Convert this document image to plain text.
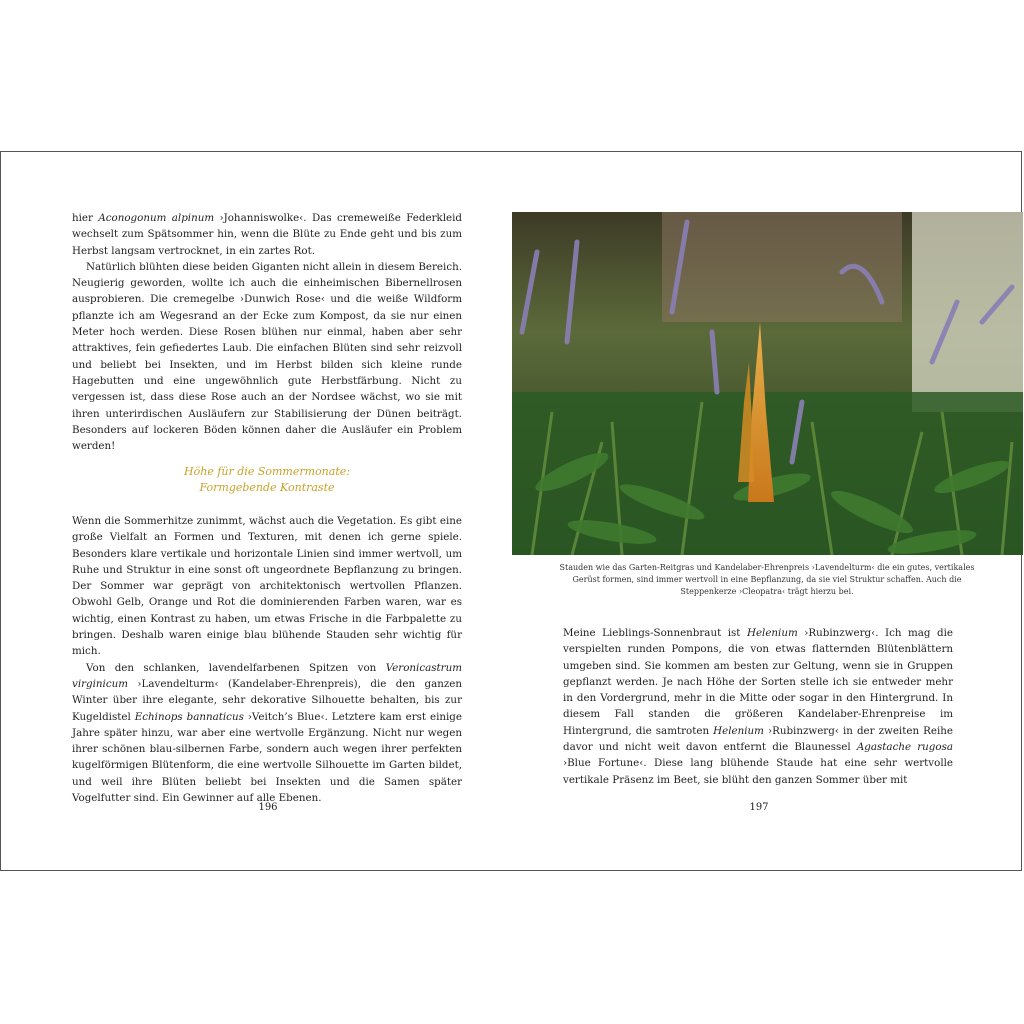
hier Aconogonum alpinum ›Johanniswolke‹. Das cremeweiße Federkleid wechselt zum Spätsommer hin, wenn die Blüte zu Ende geht und bis zum Herbst langsam vertrocknet, in ein zartes Rot.

Natürlich blühten diese beiden Giganten nicht allein in diesem Bereich. Neugierig geworden, wollte ich auch die einheimischen Bibernellrosen ausprobieren. Die cremegelbe ›Dunwich Rose‹ und die weiße Wildform pflanzte ich am Wegesrand an der Ecke zum Kompost, da sie nur einen Meter hoch werden. Diese Rosen blühen nur einmal, haben aber sehr attraktives, fein gefiedertes Laub. Die einfachen Blüten sind sehr reizvoll und beliebt bei Insekten, und im Herbst bilden sich kleine runde Hagebutten und eine ungewöhnlich gute Herbstfärbung. Nicht zu vergessen ist, dass diese Rose auch an der Nordsee wächst, wo sie mit ihren unterirdischen Ausläufern zur Stabilisierung der Dünen beiträgt. Besonders auf lockeren Böden können daher die Ausläufer ein Problem werden!

Höhe für die Sommermonate:
Formgebende Kontraste

Wenn die Sommerhitze zunimmt, wächst auch die Vegetation. Es gibt eine große Vielfalt an Formen und Texturen, mit denen ich gerne spiele. Besonders klare vertikale und horizontale Linien sind immer wertvoll, um Ruhe und Struktur in eine sonst oft ungeordnete Bepflanzung zu bringen. Der Sommer war geprägt von architektonisch wertvollen Pflanzen. Obwohl Gelb, Orange und Rot die dominierenden Farben waren, war es wichtig, einen Kontrast zu haben, um etwas Frische in die Farbpalette zu bringen. Deshalb waren einige blau blühende Stauden sehr wichtig für mich.

Von den schlanken, lavendelfarbenen Spitzen von Veronicastrum virginicum ›Lavendelturm‹ (Kandelaber-Ehrenpreis), die den ganzen Winter über ihre elegante, sehr dekorative Silhouette behalten, bis zur Kugeldistel Echinops bannaticus ›Veitch’s Blue‹. Letztere kam erst einige Jahre später hinzu, war aber eine wertvolle Ergänzung. Nicht nur wegen ihrer schönen blau-silbernen Farbe, sondern auch wegen ihrer perfekten kugelförmigen Blütenform, die eine wertvolle Silhouette im Garten bildet, und weil ihre Blüten beliebt bei Insekten und die Samen später Vogelfutter sind. Ein Gewinner auf alle Ebenen.

196
Stauden wie das Garten-Reitgras und Kandelaber-Ehrenpreis ›Lavendelturm‹ die ein gutes, vertikales Gerüst formen, sind immer wertvoll in eine Bepflanzung, da sie viel Struktur schaffen. Auch die Steppenkerze ›Cleopatra‹ trägt hierzu bei.

Meine Lieblings-Sonnenbraut ist Helenium ›Rubinzwerg‹. Ich mag die verspielten runden Pompons, die von etwas flatternden Blütenblättern umgeben sind. Sie kommen am besten zur Geltung, wenn sie in Gruppen gepflanzt werden. Je nach Höhe der Sorten stelle ich sie entweder mehr in den Vordergrund, mehr in die Mitte oder sogar in den Hintergrund. In diesem Fall standen die größeren Kandelaber-Ehrenpreise im Hintergrund, die samtroten Helenium ›Rubinzwerg‹ in der zweiten Reihe davor und nicht weit davon entfernt die Blaunessel Agastache rugosa ›Blue Fortune‹. Diese lang blühende Staude hat eine sehr wertvolle vertikale Präsenz im Beet, sie blüht den ganzen Sommer über mit

197
